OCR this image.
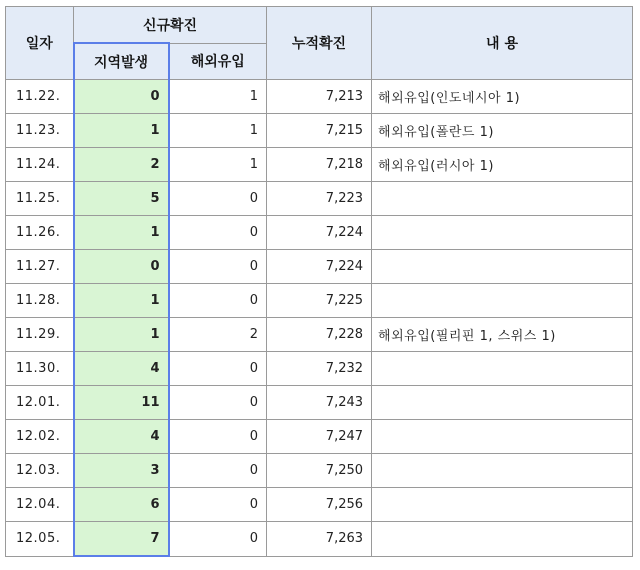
일자	신규확진		누적확진	내 용
	지역발생	해외유입		
11.22.	0	1	7,213	해외유입(인도네시아 1)
11.23.	1	1	7,215	해외유입(폴란드 1)
11.24.	2	1	7,218	해외유입(러시아 1)
11.25.	5	0	7,223	
11.26.	1	0	7,224	
11.27.	0	0	7,224	
11.28.	1	0	7,225	
11.29.	1	2	7,228	해외유입(필리핀 1, 스위스 1)
11.30.	4	0	7,232	
12.01.	11	0	7,243	
12.02.	4	0	7,247	
12.03.	3	0	7,250	
12.04.	6	0	7,256	
12.05.	7	0	7,263	
